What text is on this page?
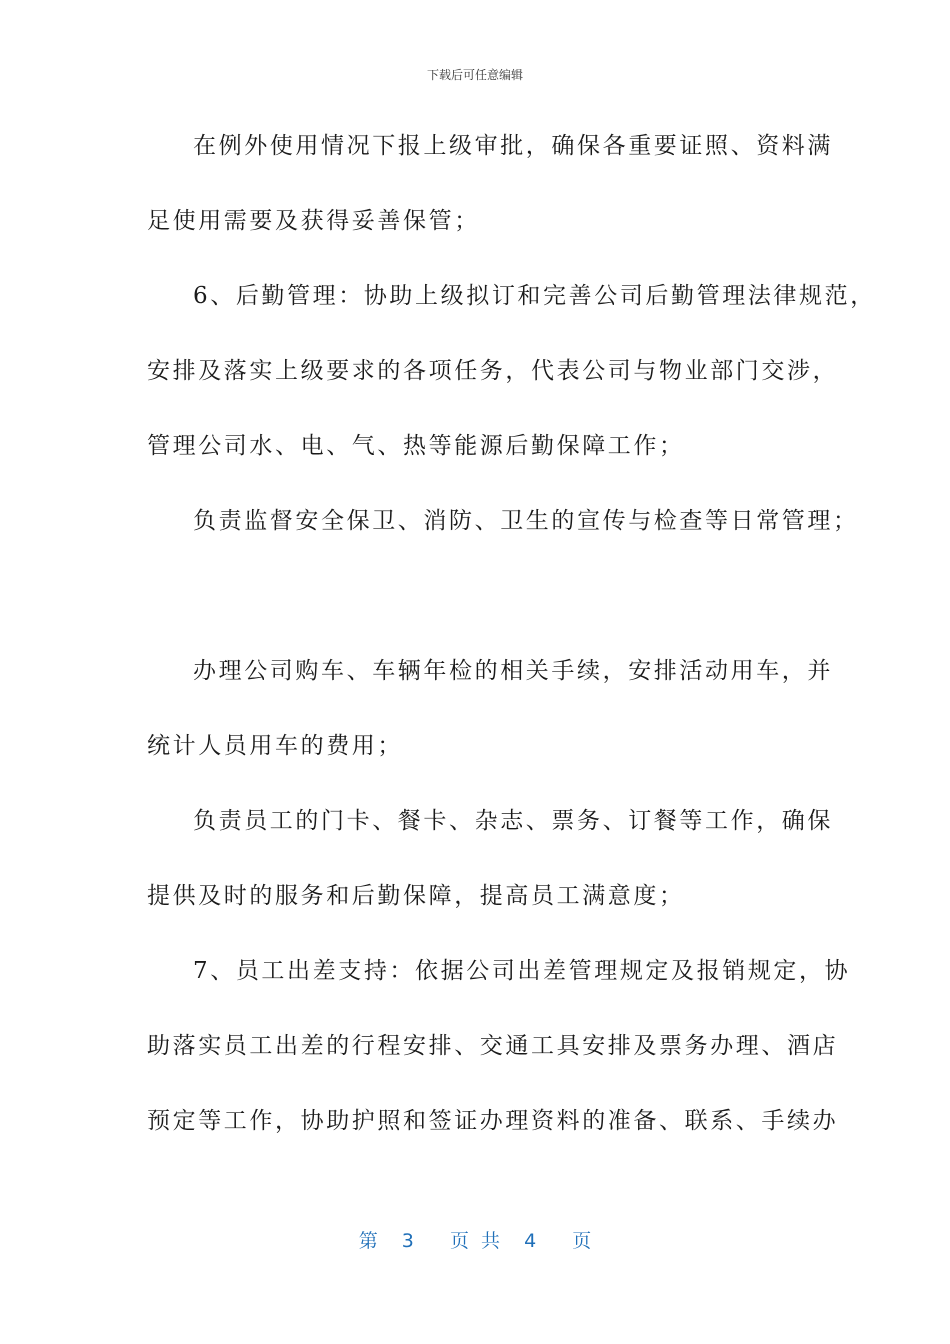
下载后可任意编辑
在例外使用情况下报上级审批，确保各重要证照、资料满
足使用需要及获得妥善保管；
6、后勤管理：协助上级拟订和完善公司后勤管理法律规范，
安排及落实上级要求的各项任务，代表公司与物业部门交涉，
管理公司水、电、气、热等能源后勤保障工作；
负责监督安全保卫、消防、卫生的宣传与检查等日常管理；
办理公司购车、车辆年检的相关手续，安排活动用车，并
统计人员用车的费用；
负责员工的门卡、餐卡、杂志、票务、订餐等工作，确保
提供及时的服务和后勤保障，提高员工满意度；
7、员工出差支持：依据公司出差管理规定及报销规定，协
助落实员工出差的行程安排、交通工具安排及票务办理、酒店
预定等工作，协助护照和签证办理资料的准备、联系、手续办
第  3   页 共  4   页
